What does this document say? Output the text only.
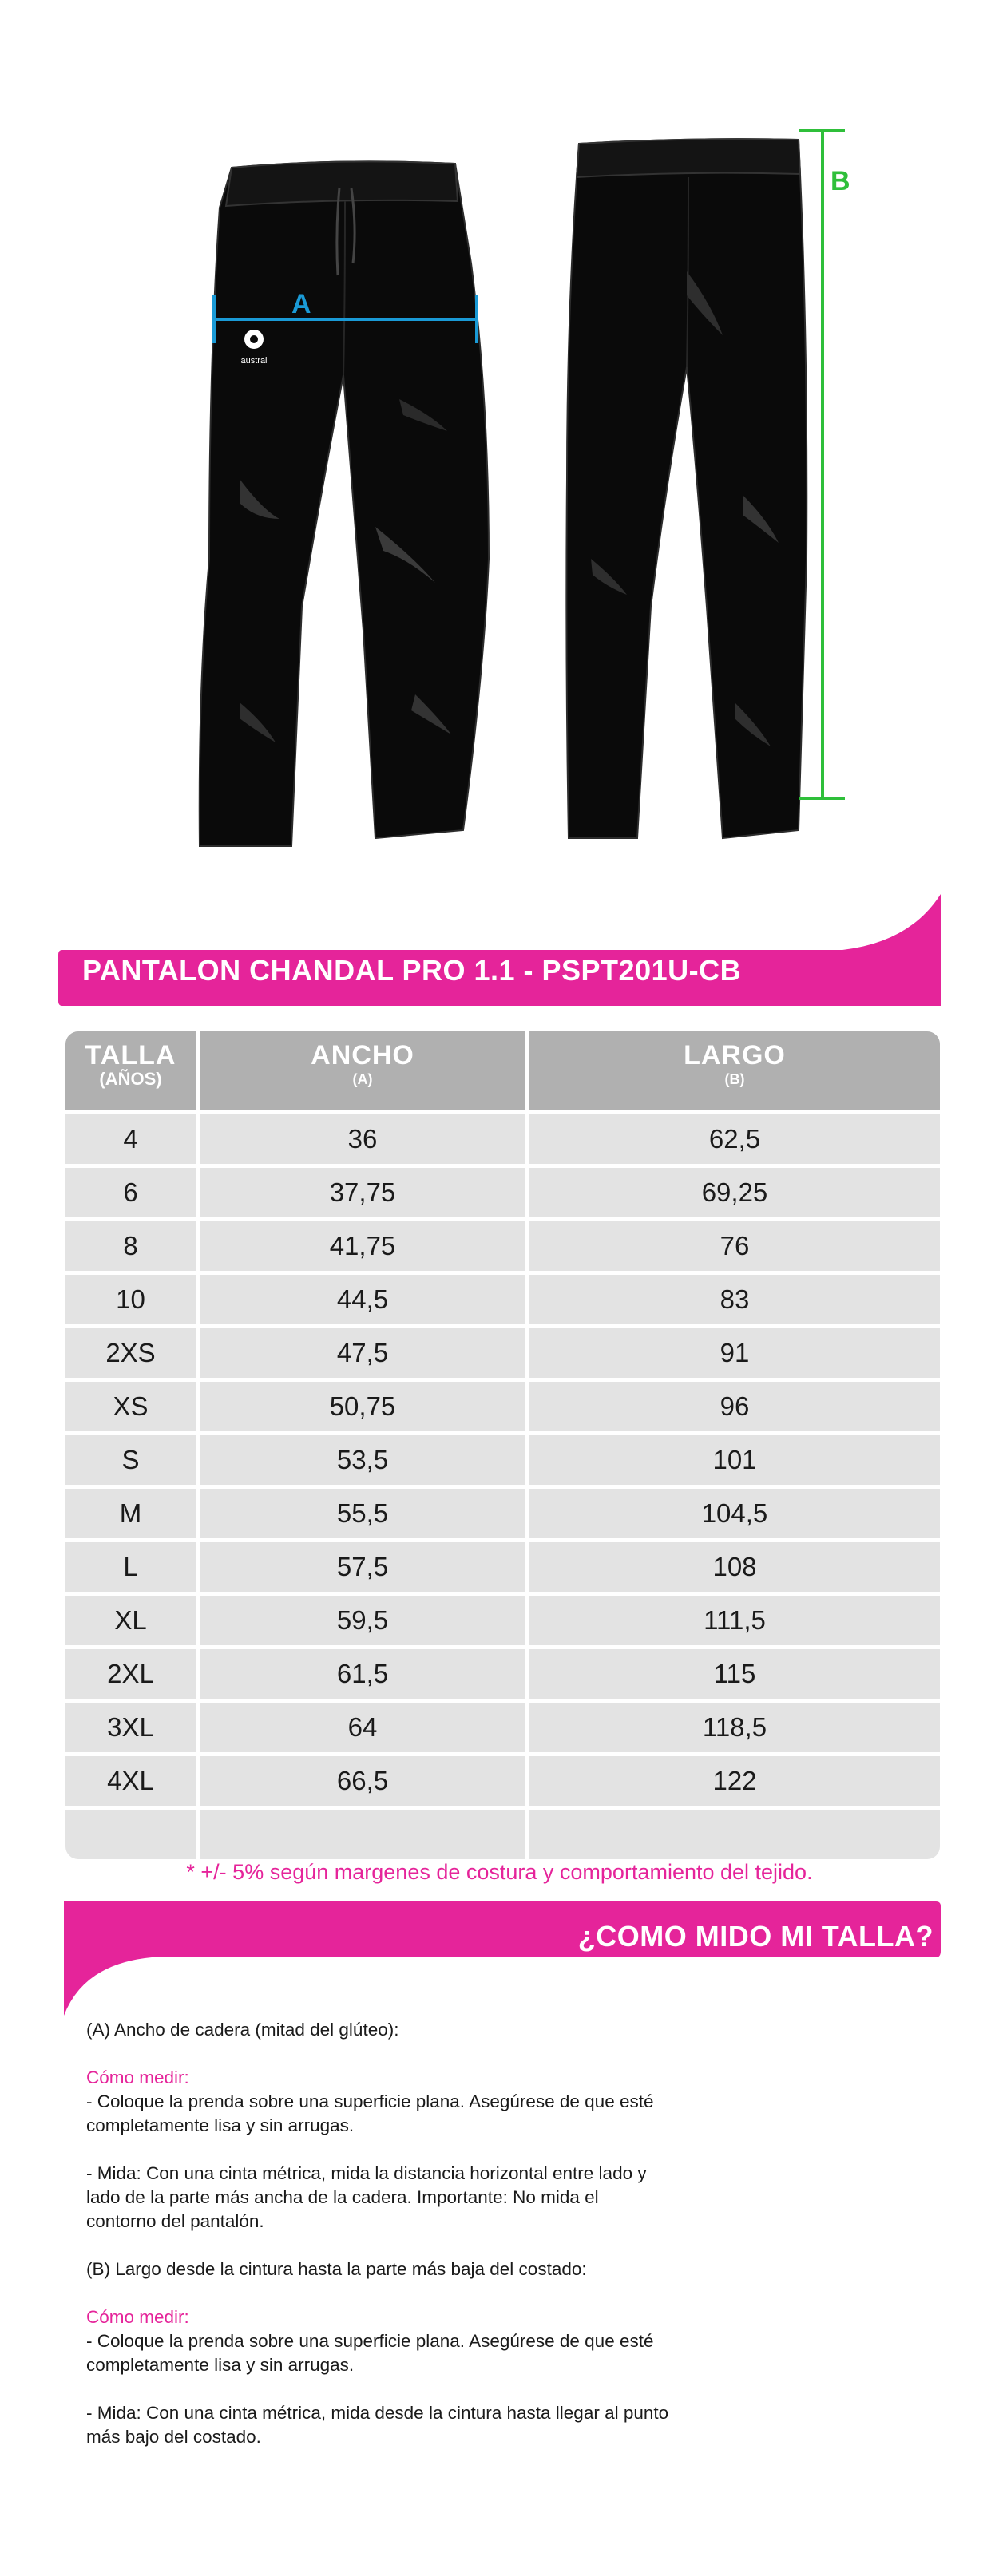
austral
A
B
PANTALON CHANDAL PRO 1.1 - PSPT201U-CB
TALLA
(AÑOS)
ANCHO
(A)
LARGO
(B)
4	36	62,5
6	37,75	69,25
8	41,75	76
10	44,5	83
2XS	47,5	91
XS	50,75	96
S	53,5	101
M	55,5	104,5
L	57,5	108
XL	59,5	111,5
2XL	61,5	115
3XL	64	118,5
4XL	66,5	122
* +/- 5% según margenes de costura y comportamiento del tejido.
¿COMO MIDO MI TALLA?

(A) Ancho de cadera (mitad del glúteo):

Cómo medir:
- Coloque la prenda sobre una superficie plana. Asegúrese de que esté
completamente lisa y sin arrugas.

- Mida: Con una cinta métrica, mida la distancia horizontal entre lado y
lado de la parte más ancha de la cadera. Importante: No mida el
contorno del pantalón.

(B) Largo desde la cintura hasta la parte más baja del costado:

Cómo medir:
- Coloque la prenda sobre una superficie plana. Asegúrese de que esté
completamente lisa y sin arrugas.

- Mida: Con una cinta métrica, mida desde la cintura hasta llegar al punto
más bajo del costado.
